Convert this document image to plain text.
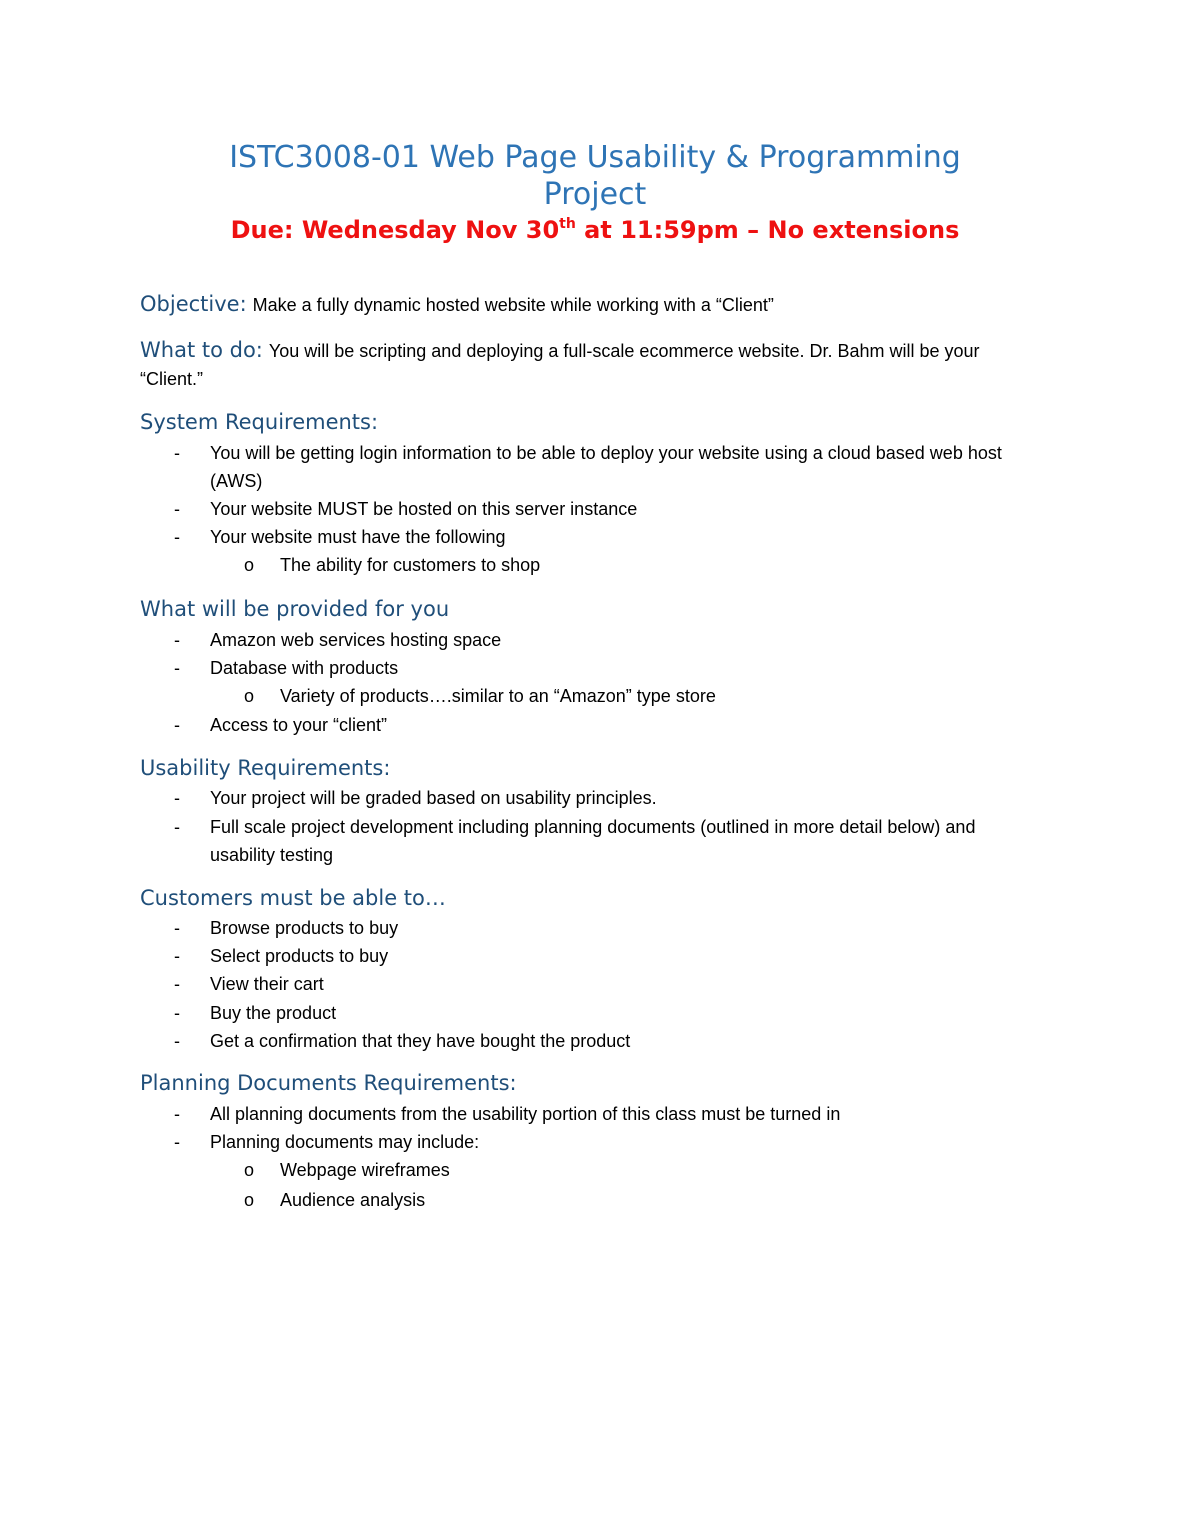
ISTC3008-01 Web Page Usability & Programming Project
Due: Wednesday Nov 30th at 11:59pm – No extensions
Objective: Make a fully dynamic hosted website while working with a “Client”
What to do: You will be scripting and deploying a full-scale ecommerce website. Dr. Bahm will be your “Client.”
System Requirements:
- You will be getting login information to be able to deploy your website using a cloud based web host (AWS)
- Your website MUST be hosted on this server instance
- Your website must have the following
o The ability for customers to shop
What will be provided for you
- Amazon web services hosting space
- Database with products
o Variety of products….similar to an “Amazon” type store
- Access to your “client”
Usability Requirements:
- Your project will be graded based on usability principles.
- Full scale project development including planning documents (outlined in more detail below) and usability testing
Customers must be able to…
- Browse products to buy
- Select products to buy
- View their cart
- Buy the product
- Get a confirmation that they have bought the product
Planning Documents Requirements:
- All planning documents from the usability portion of this class must be turned in
- Planning documents may include:
o Webpage wireframes
o Audience analysis
